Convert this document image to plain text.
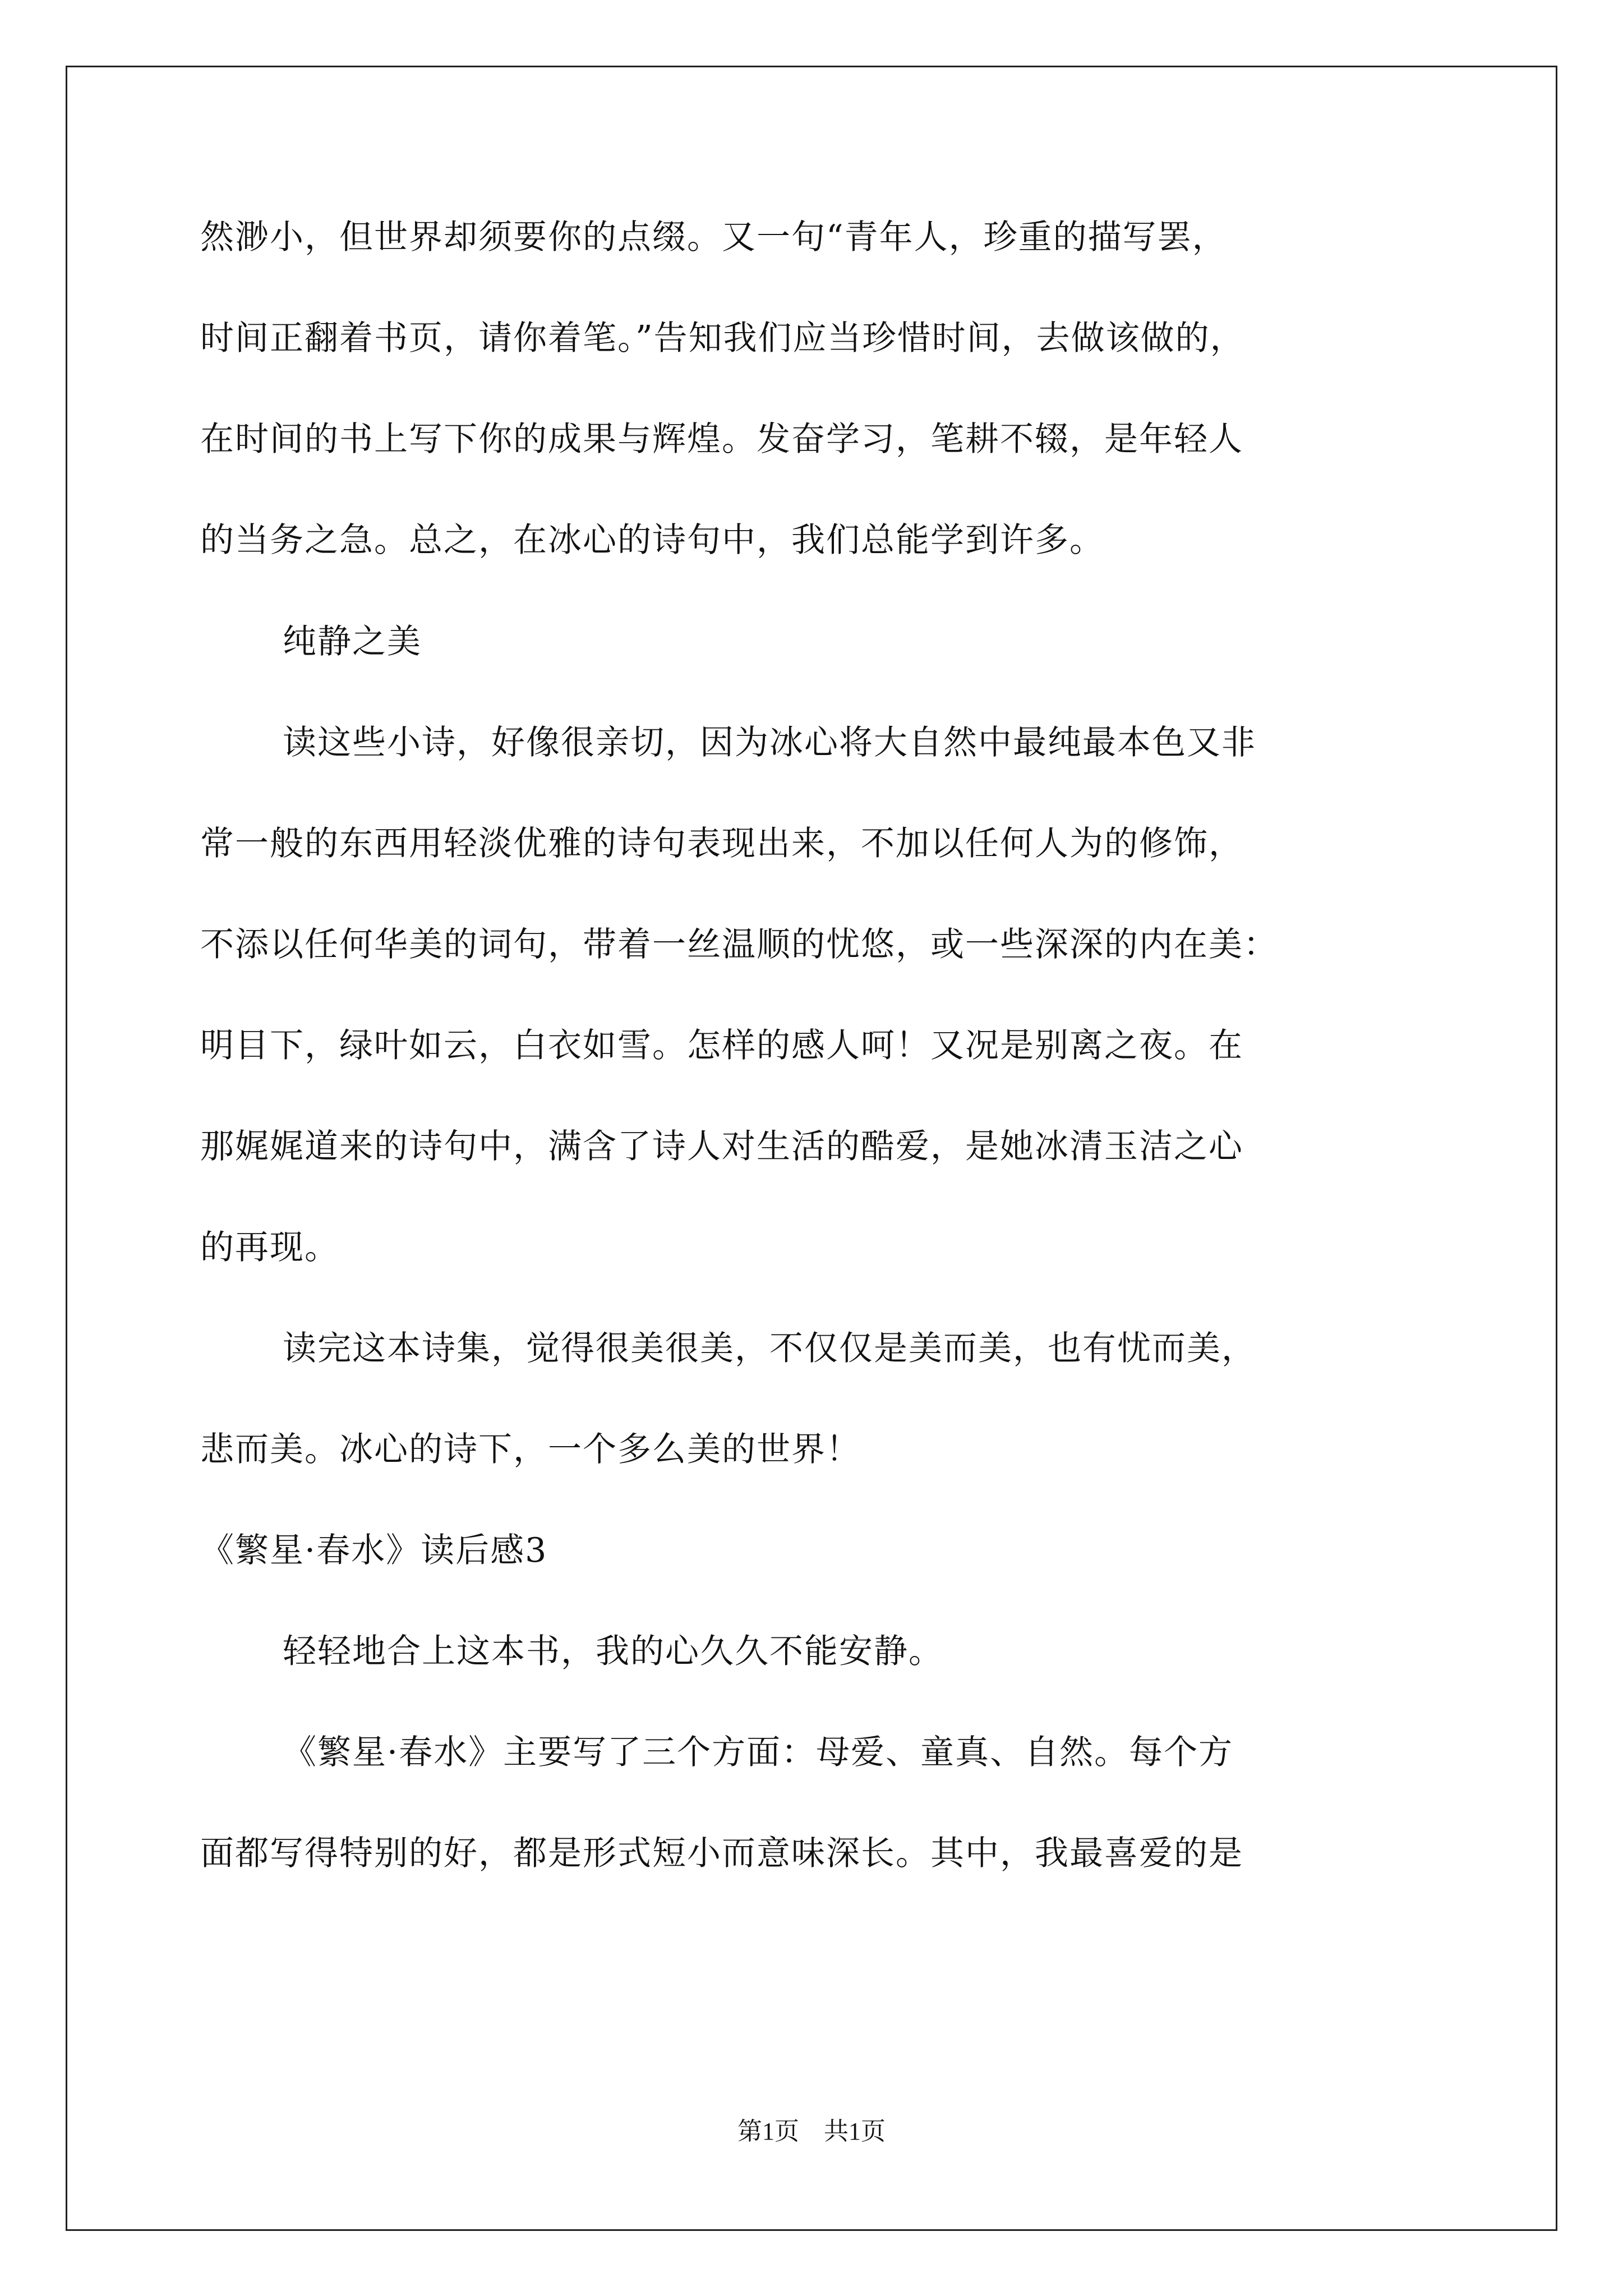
然渺小，但世界却须要你的点缀。又一句“青年人，珍重的描写罢，
时间正翻着书页，请你着笔。”告知我们应当珍惜时间，去做该做的，
在时间的书上写下你的成果与辉煌。发奋学习，笔耕不辍，是年轻人
的当务之急。总之，在冰心的诗句中，我们总能学到许多。
纯静之美
读这些小诗，好像很亲切，因为冰心将大自然中最纯最本色又非
常一般的东西用轻淡优雅的诗句表现出来，不加以任何人为的修饰，
不添以任何华美的词句，带着一丝温顺的忧悠，或一些深深的内在美：
明目下，绿叶如云，白衣如雪。怎样的感人呵！又况是别离之夜。在
那娓娓道来的诗句中，满含了诗人对生活的酷爱，是她冰清玉洁之心
的再现。
读完这本诗集，觉得很美很美，不仅仅是美而美，也有忧而美，
悲而美。冰心的诗下，一个多么美的世界！
《繁星·春水》读后感3
轻轻地合上这本书，我的心久久不能安静。
《繁星·春水》主要写了三个方面：母爱、童真、自然。每个方
面都写得特别的好，都是形式短小而意味深长。其中，我最喜爱的是
第1页　共1页
